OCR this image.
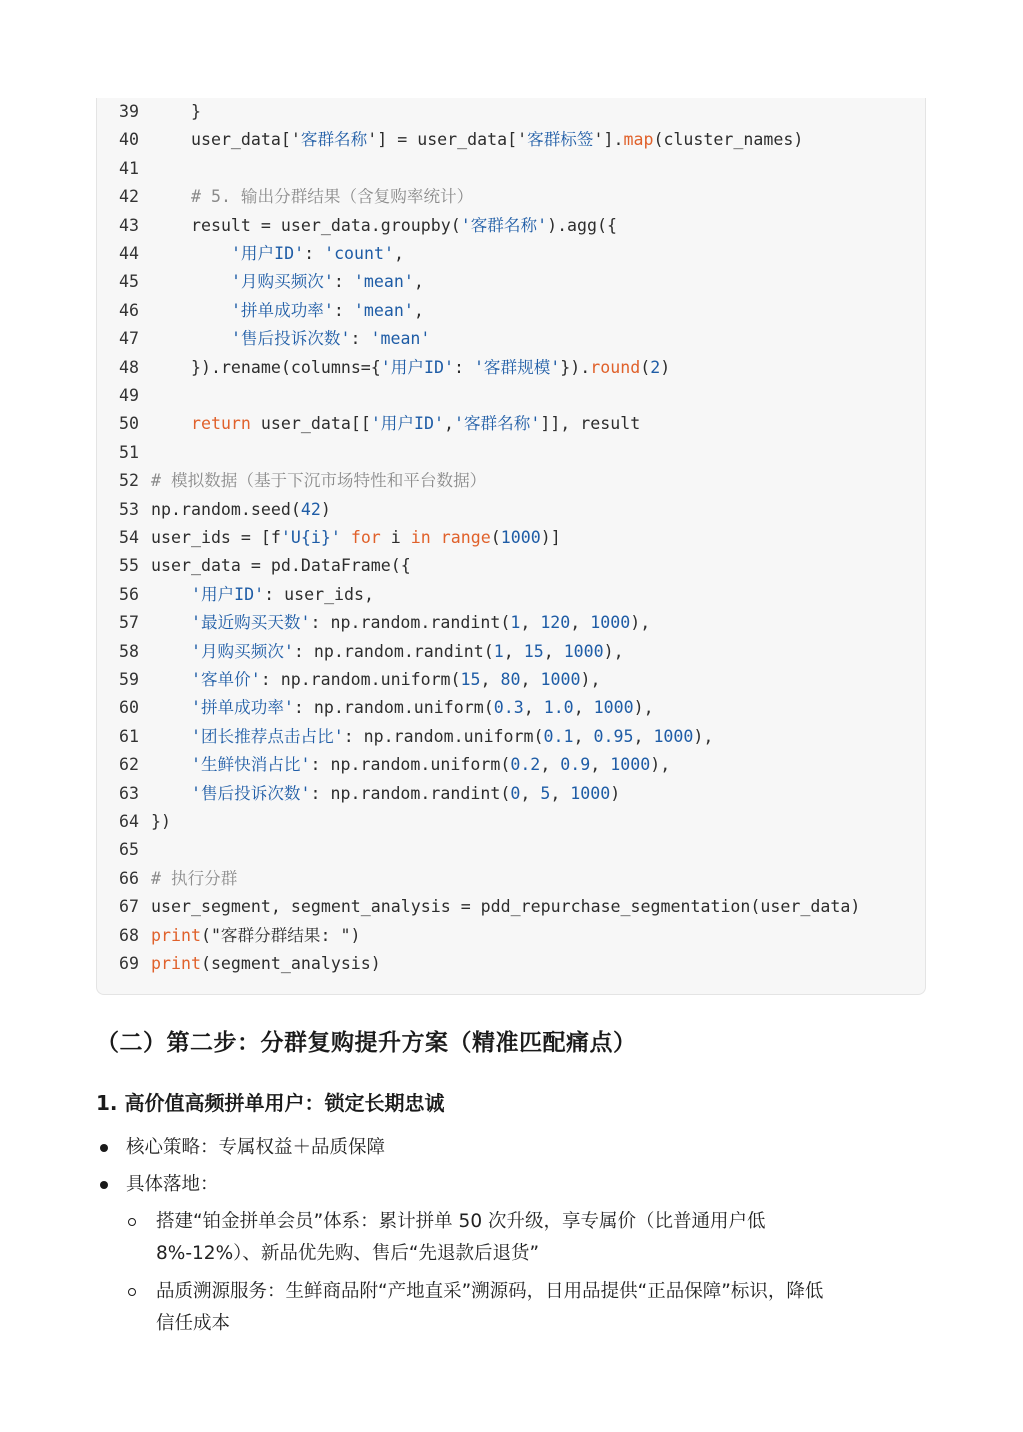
39	}
40	user_data['客群名称'] = user_data['客群标签'].map(cluster_names)
41
42	# 5. 输出分群结果（含复购率统计）
43	result = user_data.groupby('客群名称').agg({
44	'用户ID': 'count',
45	'月购买频次': 'mean',
46	'拼单成功率': 'mean',
47	'售后投诉次数': 'mean'
48	}).rename(columns={'用户ID': '客群规模'}).round(2)
49
50	return user_data[['用户ID','客群名称']], result
51
52 # 模拟数据（基于下沉市场特性和平台数据）
53 np.random.seed(42)
54 user_ids = [f'U{i}' for i in range(1000)]
55 user_data = pd.DataFrame({
56	'用户ID': user_ids,
57	'最近购买天数': np.random.randint(1, 120, 1000),
58	'月购买频次': np.random.randint(1, 15, 1000),
59	'客单价': np.random.uniform(15, 80, 1000),
60	'拼单成功率': np.random.uniform(0.3, 1.0, 1000),
61	'团长推荐点击占比': np.random.uniform(0.1, 0.95, 1000),
62	'生鲜快消占比': np.random.uniform(0.2, 0.9, 1000),
63	'售后投诉次数': np.random.randint(0, 5, 1000)
64 })
65
66 # 执行分群
67 user_segment, segment_analysis = pdd_repurchase_segmentation(user_data)
68 print("客群分群结果: ")
69 print(segment_analysis)
（二）第二步：分群复购提升方案（精准匹配痛点）
1. 高价值高频拼单用户：锁定长期忠诚
核心策略：专属权益＋品质保障
具体落地：
搭建“铂金拼单会员”体系：累计拼单 50 次升级，享专属价（比普通用户低
8%-12%）、新品优先购、售后“先退款后退货”
品质溯源服务：生鲜商品附“产地直采”溯源码，日用品提供“正品保障”标识，降低
信任成本
